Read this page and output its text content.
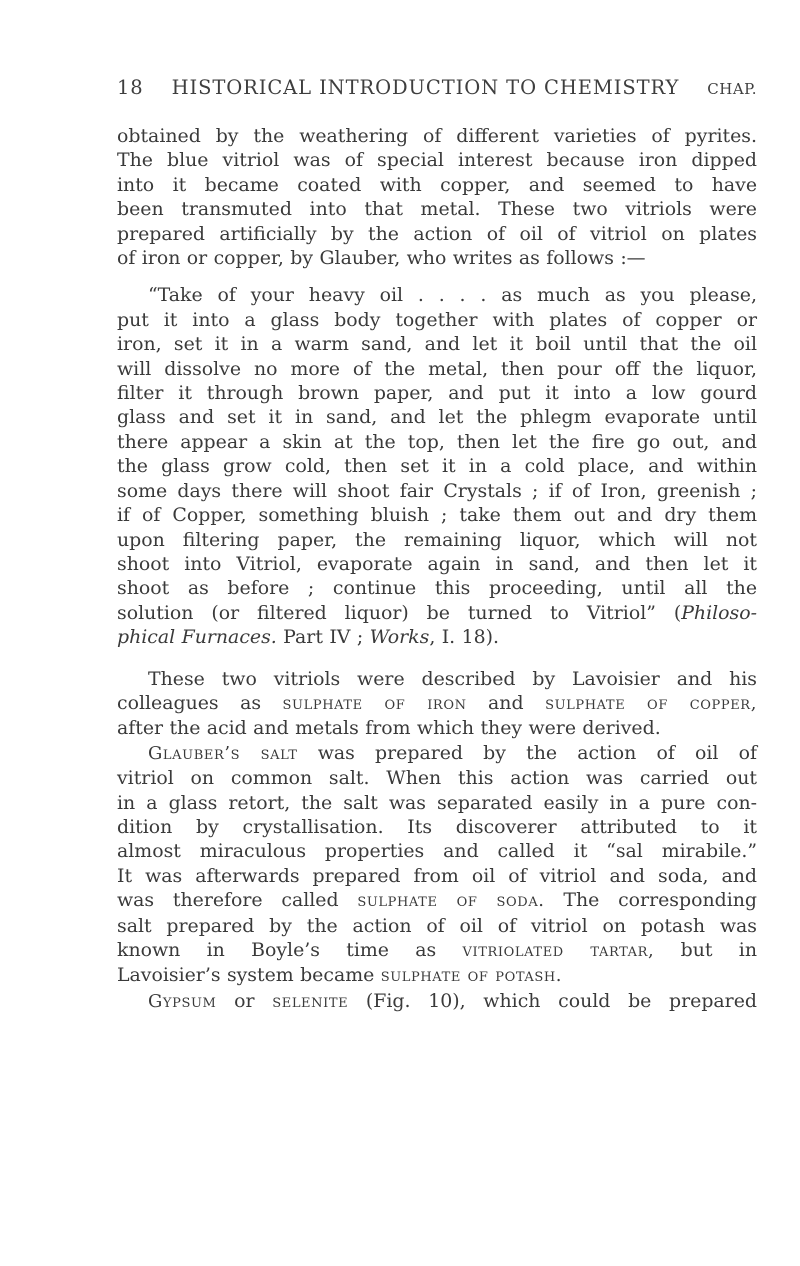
18 HISTORICAL INTRODUCTION TO CHEMISTRY CHAP.

obtained by the weathering of different varieties of pyrites.
The blue vitriol was of special interest because iron dipped
into it became coated with copper, and seemed to have
been transmuted into that metal. These two vitriols were
prepared artificially by the action of oil of vitriol on plates
of iron or copper, by Glauber, who writes as follows :—

“Take of your heavy oil . . . . as much as you please,
put it into a glass body together with plates of copper or
iron, set it in a warm sand, and let it boil until that the oil
will dissolve no more of the metal, then pour off the liquor,
filter it through brown paper, and put it into a low gourd
glass and set it in sand, and let the phlegm evaporate until
there appear a skin at the top, then let the fire go out, and
the glass grow cold, then set it in a cold place, and within
some days there will shoot fair Crystals ; if of Iron, greenish ;
if of Copper, something bluish ; take them out and dry them
upon filtering paper, the remaining liquor, which will not
shoot into Vitriol, evaporate again in sand, and then let it
shoot as before ; continue this proceeding, until all the
solution (or filtered liquor) be turned to Vitriol” (Philoso-
phical Furnaces. Part IV ; Works, I. 18).

These two vitriols were described by Lavoisier and his
colleagues as sulphate of iron and sulphate of copper,
after the acid and metals from which they were derived.

Glauber’s salt was prepared by the action of oil of
vitriol on common salt. When this action was carried out
in a glass retort, the salt was separated easily in a pure con-
dition by crystallisation. Its discoverer attributed to it
almost miraculous properties and called it “sal mirabile.”
It was afterwards prepared from oil of vitriol and soda, and
was therefore called sulphate of soda. The corresponding
salt prepared by the action of oil of vitriol on potash was
known in Boyle’s time as vitriolated tartar, but in
Lavoisier’s system became sulphate of potash.

Gypsum or selenite (Fig. 10), which could be prepared
